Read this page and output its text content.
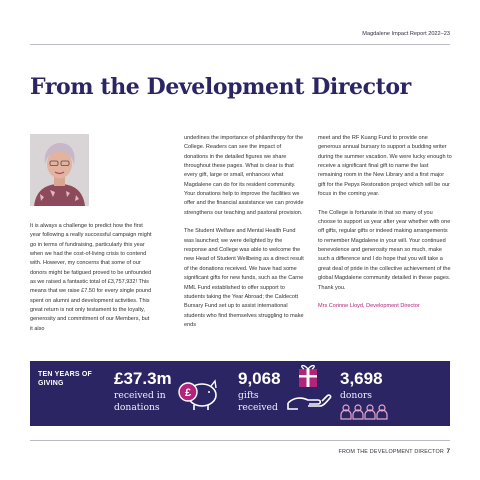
Magdalene Impact Report 2022–23
From the Development Director

It is always a challenge to predict how the first year following a really successful campaign might go in terms of fundraising, particularly this year when we had the cost-of-living crisis to contend with. However, my concerns that some of our donors might be fatigued proved to be unfounded as we raised a fantastic total of £3,757,932! This means that we raise £7.50 for every single pound spent on alumni and development activities. This great return is not only testament to the loyalty, generosity and commitment of our Members, but it also

underlines the importance of philanthropy for the College. Readers can see the impact of donations in the detailed figures we share throughout these pages. What is clear is that every gift, large or small, enhances what Magdalene can do for its resident community. Your donations help to improve the facilities we offer and the financial assistance we can provide strengthens our teaching and pastoral provision.

The Student Welfare and Mental Health Fund was launched; we were delighted by the response and College was able to welcome the new Head of Student Wellbeing as a direct result of the donations received. We have had some significant gifts for new funds, such as the Carne MML Fund established to offer support to students taking the Year Abroad; the Caldecott Bursary Fund set up to assist international students who find themselves struggling to make ends

meet and the RF Kuang Fund to provide one generous annual bursary to support a budding writer during the summer vacation. We were lucky enough to receive a significant final gift to name the last remaining room in the New Library and a first major gift for the Pepys Restoration project which will be our focus in the coming year.

The College is fortunate in that so many of you choose to support us year after year whether with one off gifts, regular gifts or indeed making arrangements to remember Magdalene in your will. Your continued benevolence and generosity mean so much, make such a difference and I do hope that you will take a great deal of pride in the collective achievement of the global Magdalene community detailed in these pages. Thank you.

Mrs Corinne Lloyd, Development Director

TEN YEARS OF GIVING	£37.3m
received in
donations
£
9,068
gifts
received
3,698
donors
FROM THE DEVELOPMENT DIRECTOR 7
